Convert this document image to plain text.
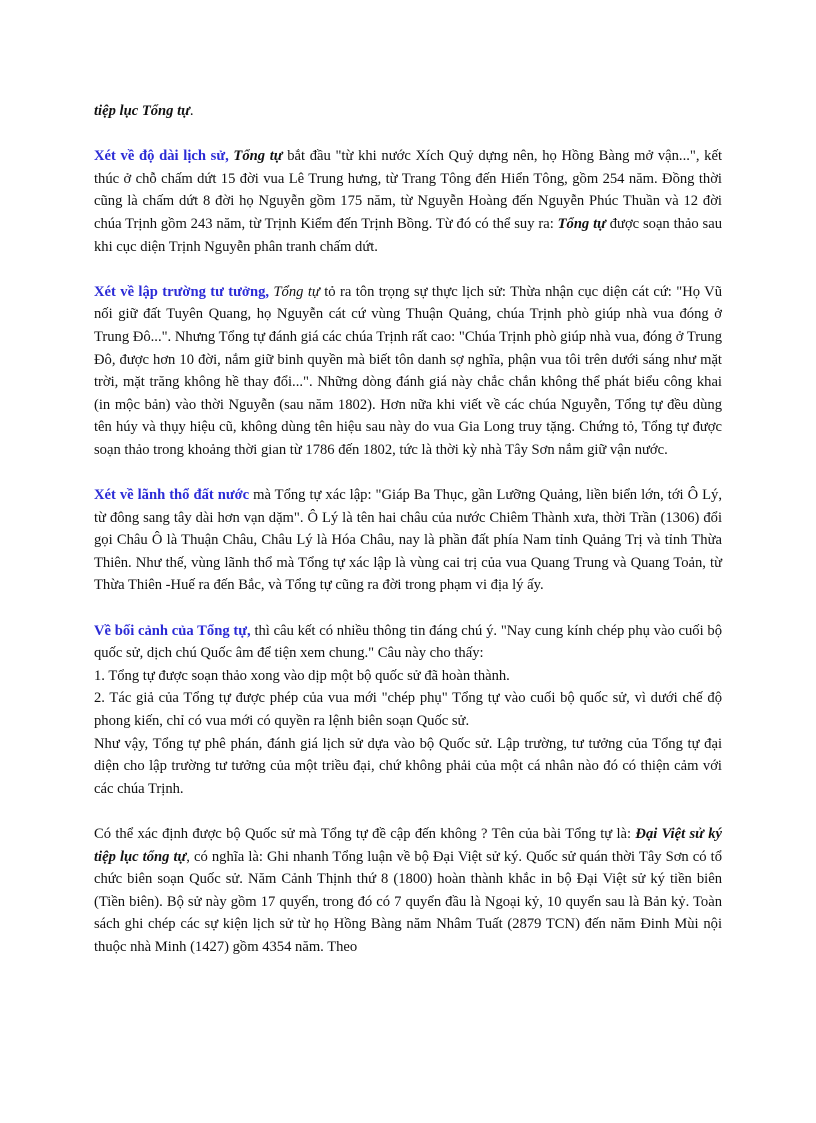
tiệp lục Tổng tự.

Xét về độ dài lịch sử, Tổng tự bắt đầu "từ khi nước Xích Quỷ dựng nên, họ Hồng Bàng mở vận...", kết thúc ở chỗ chấm dứt 15 đời vua Lê Trung hưng, từ Trang Tông đến Hiển Tông, gồm 254 năm. Đồng thời cũng là chấm dứt 8 đời họ Nguyễn gồm 175 năm, từ Nguyễn Hoàng đến Nguyễn Phúc Thuần và 12 đời chúa Trịnh gồm 243 năm, từ Trịnh Kiểm đến Trịnh Bồng. Từ đó có thể suy ra: Tổng tự được soạn thảo sau khi cục diện Trịnh Nguyễn phân tranh chấm dứt.

Xét về lập trường tư tưởng, Tổng tự tỏ ra tôn trọng sự thực lịch sử: Thừa nhận cục diện cát cứ: "Họ Vũ nối giữ đất Tuyên Quang, họ Nguyễn cát cứ vùng Thuận Quảng, chúa Trịnh phò giúp nhà vua đóng ở Trung Đô...". Nhưng Tổng tự đánh giá các chúa Trịnh rất cao: "Chúa Trịnh phò giúp nhà vua, đóng ở Trung Đô, được hơn 10 đời, nắm giữ binh quyền mà biết tôn danh sợ nghĩa, phận vua tôi trên dưới sáng như mặt trời, mặt trăng không hề thay đổi...". Những dòng đánh giá này chắc chắn không thể phát biểu công khai (in mộc bản) vào thời Nguyễn (sau năm 1802). Hơn nữa khi viết về các chúa Nguyễn, Tổng tự đều dùng tên húy và thụy hiệu cũ, không dùng tên hiệu sau này do vua Gia Long truy tặng. Chứng tỏ, Tổng tự được soạn thảo trong khoảng thời gian từ 1786 đến 1802, tức là thời kỳ nhà Tây Sơn nắm giữ vận nước.

Xét về lãnh thổ đất nước mà Tổng tự xác lập: "Giáp Ba Thục, gần Lưỡng Quảng, liền biển lớn, tới Ô Lý, từ đông sang tây dài hơn vạn dặm". Ô Lý là tên hai châu của nước Chiêm Thành xưa, thời Trần (1306) đổi gọi Châu Ô là Thuận Châu, Châu Lý là Hóa Châu, nay là phần đất phía Nam tỉnh Quảng Trị và tỉnh Thừa Thiên. Như thế, vùng lãnh thổ mà Tổng tự xác lập là vùng cai trị của vua Quang Trung và Quang Toản, từ Thừa Thiên -Huế ra đến Bắc, và Tổng tự cũng ra đời trong phạm vi địa lý ấy.

Về bối cảnh của Tổng tự, thì câu kết có nhiều thông tin đáng chú ý. "Nay cung kính chép phụ vào cuối bộ quốc sử, dịch chú Quốc âm để tiện xem chung." Câu này cho thấy:

1. Tổng tự được soạn thảo xong vào dịp một bộ quốc sử đã hoàn thành.

2. Tác giả của Tổng tự được phép của vua mới "chép phụ" Tổng tự vào cuối bộ quốc sử, vì dưới chế độ phong kiến, chỉ có vua mới có quyền ra lệnh biên soạn Quốc sử.

Như vậy, Tổng tự phê phán, đánh giá lịch sử dựa vào bộ Quốc sử. Lập trường, tư tưởng của Tổng tự đại diện cho lập trường tư tưởng của một triều đại, chứ không phải của một cá nhân nào đó có thiện cảm với các chúa Trịnh.

Có thể xác định được bộ Quốc sử mà Tổng tự đề cập đến không ? Tên của bài Tổng tự là: Đại Việt sử ký tiệp lục tổng tự, có nghĩa là: Ghi nhanh Tổng luận về bộ Đại Việt sử ký. Quốc sử quán thời Tây Sơn có tổ chức biên soạn Quốc sử. Năm Cảnh Thịnh thứ 8 (1800) hoàn thành khắc in bộ Đại Việt sử ký tiền biên (Tiền biên). Bộ sử này gồm 17 quyển, trong đó có 7 quyển đầu là Ngoại kỷ, 10 quyển sau là Bản kỷ. Toàn sách ghi chép các sự kiện lịch sử từ họ Hồng Bàng năm Nhâm Tuất (2879 TCN) đến năm Đinh Mùi nội thuộc nhà Minh (1427) gồm 4354 năm. Theo
